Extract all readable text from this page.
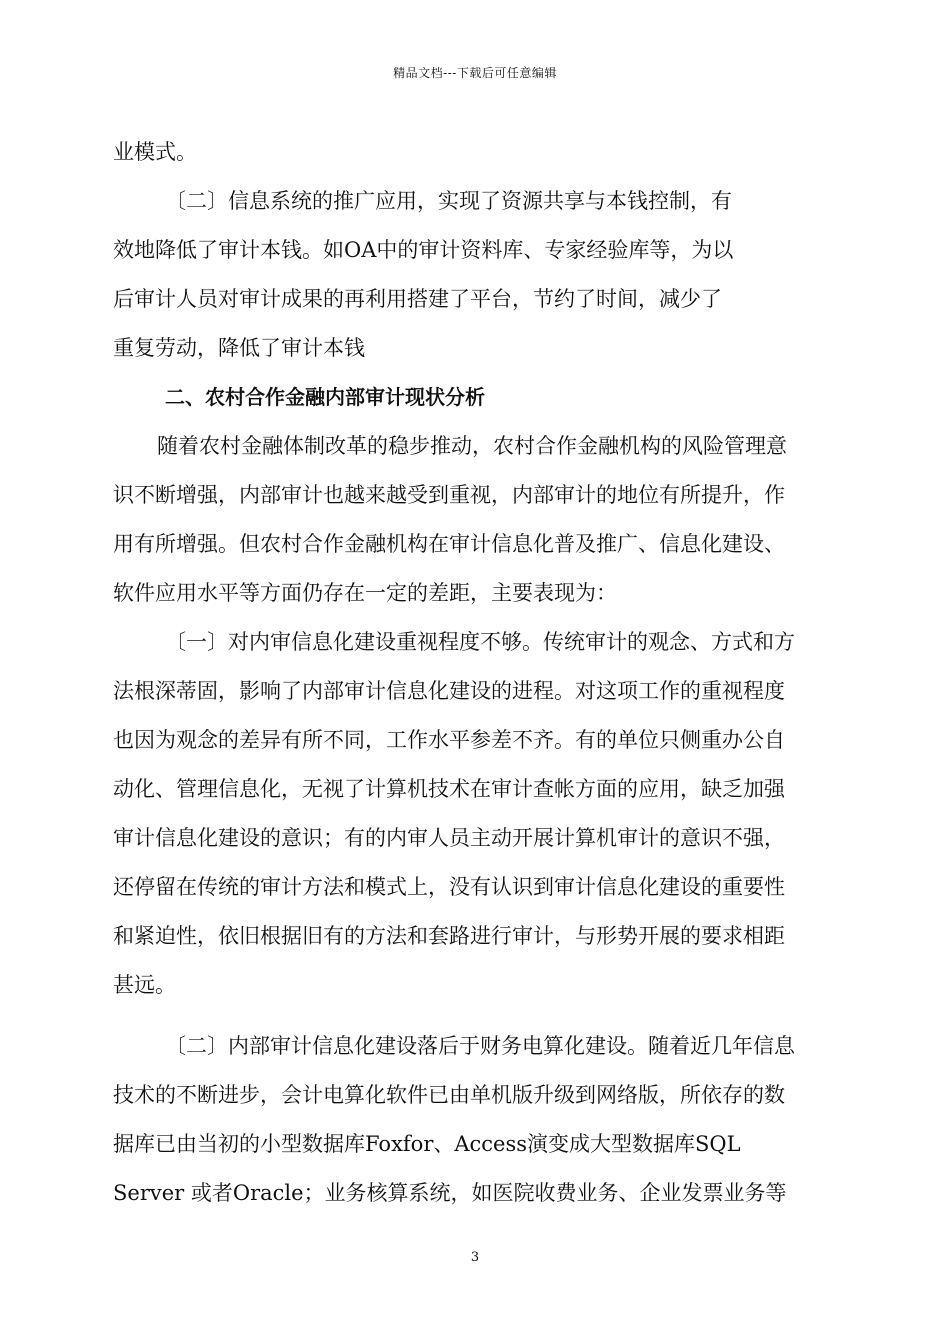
精品文档---下载后可任意编辑
业模式。
〔二〕信息系统的推广应用，实现了资源共享与本钱控制，有
效地降低了审计本钱。如OA中的审计资料库、专家经验库等，为以
后审计人员对审计成果的再利用搭建了平台，节约了时间，减少了
重复劳动，降低了审计本钱
二、农村合作金融内部审计现状分析
随着农村金融体制改革的稳步推动，农村合作金融机构的风险管理意
识不断增强，内部审计也越来越受到重视，内部审计的地位有所提升，作
用有所增强。但农村合作金融机构在审计信息化普及推广、信息化建设、
软件应用水平等方面仍存在一定的差距，主要表现为：
〔一〕对内审信息化建设重视程度不够。传统审计的观念、方式和方
法根深蒂固，影响了内部审计信息化建设的进程。对这项工作的重视程度
也因为观念的差异有所不同，工作水平参差不齐。有的单位只侧重办公自
动化、管理信息化，无视了计算机技术在审计查帐方面的应用，缺乏加强
审计信息化建设的意识；有的内审人员主动开展计算机审计的意识不强，
还停留在传统的审计方法和模式上，没有认识到审计信息化建设的重要性
和紧迫性，依旧根据旧有的方法和套路进行审计，与形势开展的要求相距
甚远。
〔二〕内部审计信息化建设落后于财务电算化建设。随着近几年信息
技术的不断进步，会计电算化软件已由单机版升级到网络版，所依存的数
据库已由当初的小型数据库Foxfor、Access演变成大型数据库SQL
Server 或者Oracle；业务核算系统，如医院收费业务、企业发票业务等
3
